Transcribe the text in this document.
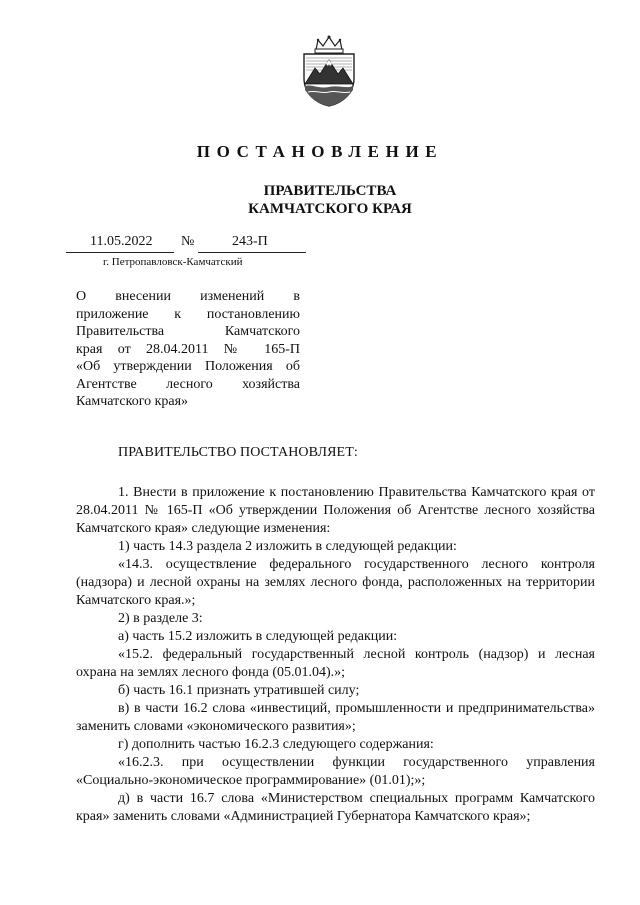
ПОСТАНОВЛЕНИЕ
ПРАВИТЕЛЬСТВА
КАМЧАТСКОГО КРАЯ
11.05.2022 №	243-П
г. Петропавловск-Камчатский
О внесении изменений в
приложение к постановлению
Правительства Камчатского
края от 28.04.2011 № 165-П
«Об утверждении Положения об
Агентстве лесного хозяйства
Камчатского края»
ПРАВИТЕЛЬСТВО ПОСТАНОВЛЯЕТ:

1. Внести в приложение к постановлению Правительства Камчатского края от 28.04.2011 № 165-П «Об утверждении Положения об Агентстве лесного хозяйства Камчатского края» следующие изменения:

1) часть 14.3 раздела 2 изложить в следующей редакции:

«14.3. осуществление федерального государственного лесного контроля (надзора) и лесной охраны на землях лесного фонда, расположенных на территории Камчатского края.»;

2) в разделе 3:

а) часть 15.2 изложить в следующей редакции:

«15.2. федеральный государственный лесной контроль (надзор) и лесная охрана на землях лесного фонда (05.01.04).»;

б) часть 16.1 признать утратившей силу;

в) в части 16.2 слова «инвестиций, промышленности и предпринимательства» заменить словами «экономического развития»;

г) дополнить частью 16.2.3 следующего содержания:

«16.2.3. при осуществлении функции государственного управления «Социально-экономическое программирование» (01.01);»;

д) в части 16.7 слова «Министерством специальных программ Камчатского края» заменить словами «Администрацией Губернатора Камчатского края»;
